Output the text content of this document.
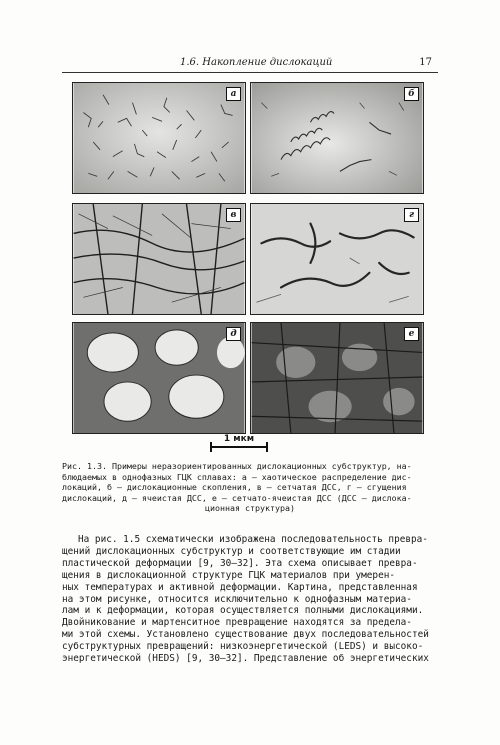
1.6. Накопление дислокаций	17
а	б
в	г
д	е
1 мкм
Рис. 1.3. Примеры неразориентированных дислокационных субструктур, на-
блюдаемых в однофазных ГЦК сплавах: а — хаотическое распределение дис-
локаций, б — дислокационные скопления, в — сетчатая ДСС, г — сгущения
дислокаций, д — ячеистая ДСС, е — сетчато-ячеистая ДСС (ДСС — дислока-
ционная структура)
На рис. 1.5 схематически изображена последовательность превра-
щений дислокационных субструктур и соответствующие им стадии
пластической деформации [9, 30–32]. Эта схема описывает превра-
щения в дислокационной структуре ГЦК материалов при умерен-
ных температурах и активной деформации. Картина, представленная
на этом рисунке, относится исключительно к однофазным материа-
лам и к деформации, которая осуществляется полными дислокациями.
Двойникование и мартенситное превращение находятся за предела-
ми этой схемы. Установлено существование двух последовательностей
субструктурных превращений: низкоэнергетической (LEDS) и высоко-
энергетической (HEDS) [9, 30–32]. Представление об энергетических
